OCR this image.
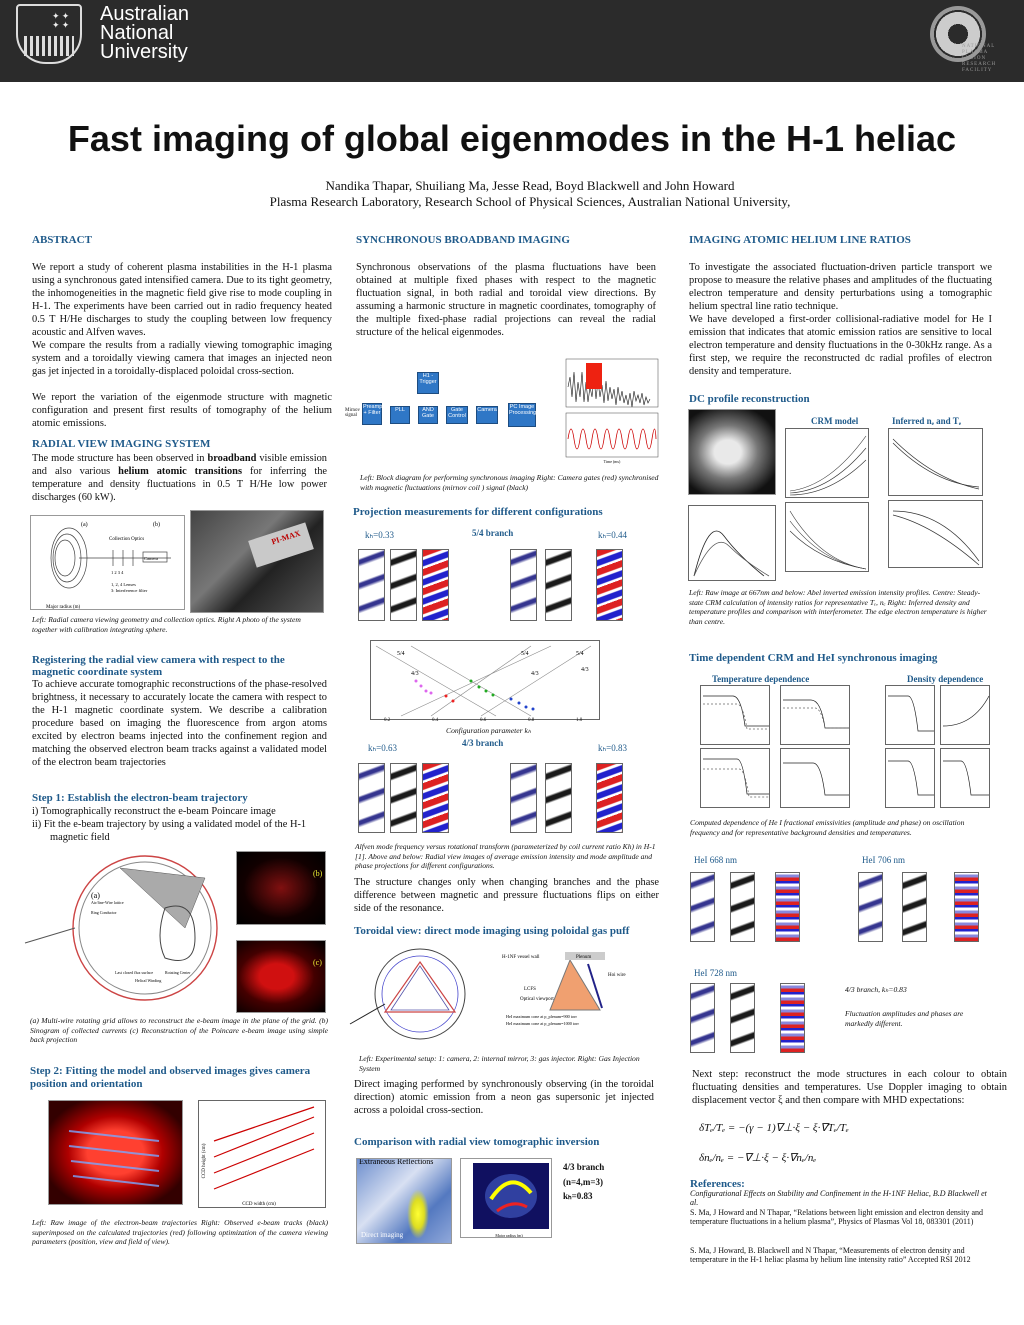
✦ ✦
✦ ✦ Australian
National
University	NATIONAL
PLASMA
FUSION
RESEARCH
FACILITY
Fast imaging of global eigenmodes in the H-1 heliac
Nandika Thapar, Shuiliang Ma, Jesse Read, Boyd Blackwell and John Howard
Plasma Research Laboratory, Research School of Physical Sciences, Australian National University,
ABSTRACT
We report a study of coherent plasma instabilities in the H-1 plasma using a synchronous gated intensified camera. Due to its tight geometry, the inhomogeneities in the magnetic field give rise to mode coupling in H-1. The experiments have been carried out in radio frequency heated 0.5 T H/He discharges to study the coupling between low frequency acoustic and Alfven waves.
We compare the results from a radially viewing tomographic imaging system and a toroidally viewing camera that images an injected neon gas jet injected in a toroidally-displaced poloidal cross-section.
We report the variation of the eigenmode structure with magnetic configuration and present first results of tomography of the helium atomic emissions.
RADIAL VIEW IMAGING SYSTEM
The mode structure has been observed in broadband visible emission and also various helium atomic transitions for inferring the temperature and density fluctuations in 0.5 T H/He low power discharges (60 kW).
(a)	(b)
Collection Optics
Camera
1 2 3 4
1, 2, 4 Lenses
3: Interference filter
Major radius (m)
PI-MAX
Left: Radial camera viewing geometry and collection optics. Right A photo of the system together with calibration integrating sphere.
Registering the radial view camera with respect to the magnetic coordinate system
To achieve accurate tomographic reconstructions of the phase-resolved brightness, it necessary to accurately locate the camera with respect to the H-1 magnetic coordinate system. We describe a calibration procedure based on imaging the fluorescence from argon atoms excited by electron beams injected into the confinement region and matching the observed electron beam tracks against a validated model of the electron beam trajectories
Step 1: Establish the electron-beam trajectory
i) Tomographically reconstruct the e-beam Poincare image
ii) Fit the e-beam trajectory by using a validated model of the H-1
magnetic field
(a)
Air/fine-Wire lattice
Ring Conductor
Last closed flux surface	Rotating Center
Helical Winding
(b)
(c)
(a) Multi-wire rotating grid allows to reconstruct the e-beam image in the plane of the grid. (b) Sinogram of collected currents (c) Reconstruction of the Poincare e-beam image using simple back projection
Step 2: Fitting the model and observed images gives camera position and orientation
CCD width (cm)
CCD height (cm)
Left: Raw image of the electron-beam trajectories Right: Observed e-beam tracks (black) superimposed on the calculated trajectories (red) following optimization of the camera viewing parameters (position, view and field of view).
SYNCHRONOUS BROADBAND IMAGING
Synchronous observations of the plasma fluctuations have been obtained at multiple fixed phases with respect to the magnetic fluctuation signal, in both radial and toroidal view directions. By assuming a harmonic structure in magnetic coordinates, tomography of the multiple fixed-phase radial projections can reveal the radial structure of the helical eigenmodes.
Mirnov signal
H1 - Trigger
Preamp + Filter	PLL	AND Gate
Gate Control
Camera	PC Image Processing
Time (ms)
Left: Block diagram for performing synchronous imaging Right: Camera gates (red) synchronised with magnetic fluctuations (mirnov coil ) signal (black)
Projection measurements for different configurations
kₕ=0.33	5/4 branch	kₕ=0.44
5/4
4/3
5/4
4/3
4/3
5/4
0.2	0.4	0.6	0.8	1.0
Configuration parameter kₕ
kₕ=0.63	4/3 branch	kₕ=0.83
Alfven mode frequency versus rotational transform (parameterized by coil current ratio Kh) in H-1 [1]. Above and below: Radial view images of average emission intensity and mode amplitude and phase projections for different configurations.
The structure changes only when changing branches and the phase difference between magnetic and pressure fluctuations flips on either side of the resonance.
Toroidal view: direct mode imaging using poloidal gas puff
H-1NF vessel wall	Plenum
Hoi wire
LCFS
Optical viewport
HeI maximum cone at p_plenum=900 torr
HeI maximum cone at p_plenum=1000 torr
Left: Experimental setup: 1: camera, 2: internal mirror, 3: gas injector. Right: Gas Injection System
Direct imaging performed by synchronously observing (in the toroidal direction) atomic emission from a neon gas supersonic jet injected across a poloidal cross-section.
Comparison with radial view tomographic inversion
Extraneous Reflections
Direct imaging	Major radius (m)
4/3 branch
(n=4,m=3)
kₕ=0.83
IMAGING ATOMIC HELIUM LINE RATIOS
To investigate the associated fluctuation-driven particle transport we propose to measure the relative phases and amplitudes of the fluctuating electron temperature and density perturbations using a tomographic helium spectral line ratio technique.
We have developed a first-order collisional-radiative model for He I emission that indicates that atomic emission ratios are sensitive to local electron temperature and density fluctuations in the 0-30kHz range. As a first step, we require the reconstructed dc radial profiles of electron density and temperature.
DC profile reconstruction
CRM model	Inferred nₑ and Tₑ
Left: Raw image at 667nm and below: Abel inverted emission intensity profiles. Centre: Steady-state CRM calculation of intensity ratios for representative Tₑ, nₑ Right: Inferred density and temperature profiles and comparison with interferometer. The edge electron temperature is higher than centre.
Time dependent CRM and HeI synchronous imaging
Temperature dependence	Density dependence
Computed dependence of He I fractional emissivities (amplitude and phase) on oscillation frequency and for representative background densities and temperatures.
HeI 668 nm	HeI 706 nm
HeI 728 nm
4/3 branch, kₕ=0.83
Fluctuation amplitudes and phases are markedly different.
Next step: reconstruct the mode structures in each colour to obtain fluctuating densities and temperatures. Use Doppler imaging to obtain displacement vector ξ and then compare with MHD expectations:
δTₑ/Tₑ = −(γ − 1)∇⊥·ξ − ξ·∇Tₑ/Tₑ
δnₑ/nₑ = −∇⊥·ξ − ξ·∇nₑ/nₑ
References:
Configurational Effects on Stability and Confinement in the H-1NF Heliac, B.D Blackwell et al.
S. Ma, J Howard and N Thapar, “Relations between light emission and electron density and temperature fluctuations in a helium plasma”, Physics of Plasmas Vol 18, 083301 (2011)
S. Ma, J Howard, B. Blackwell and N Thapar, “Measurements of electron density and temperature in the H-1 heliac plasma by helium line intensity ratio” Accepted RSI 2012
